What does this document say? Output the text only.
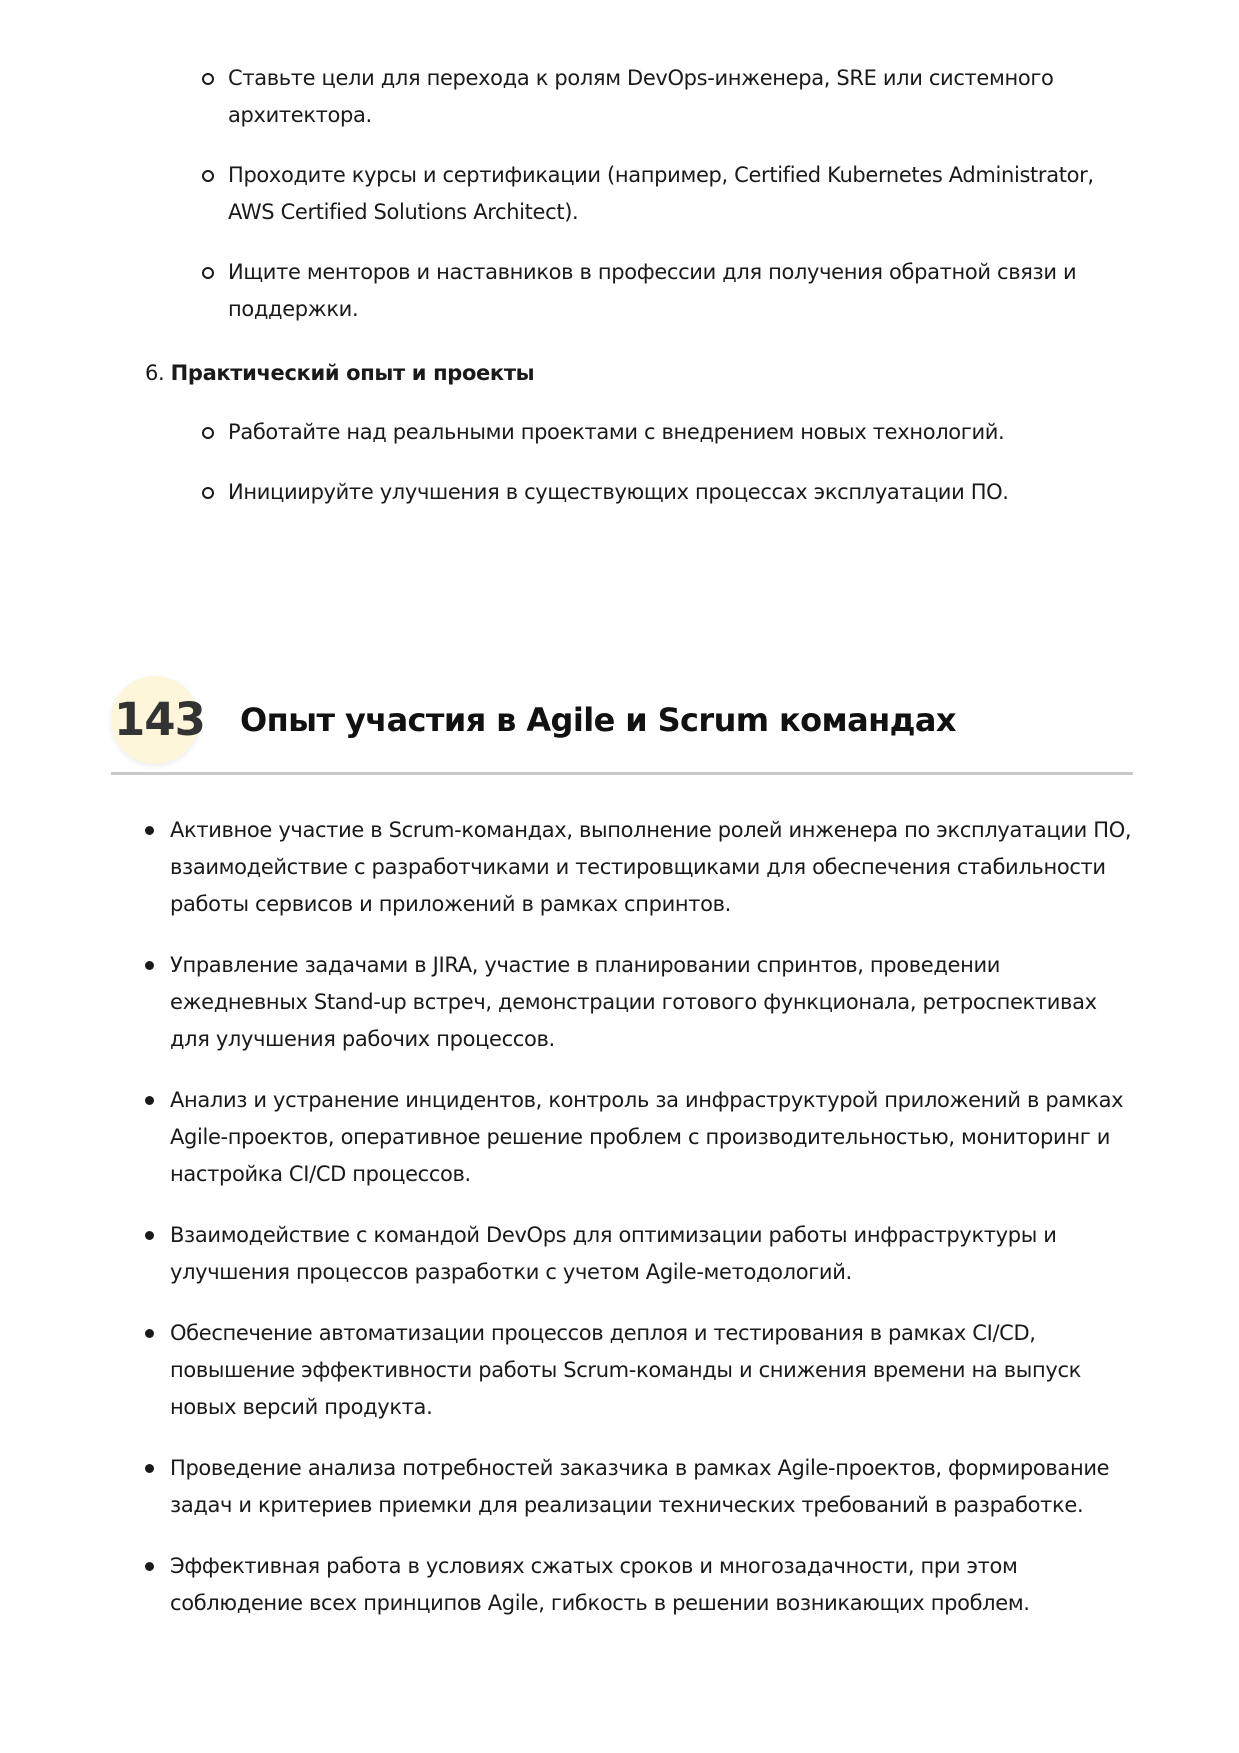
Ставьте цели для перехода к ролям DevOps-инженера, SRE или системного архитектора.
Проходите курсы и сертификации (например, Certified Kubernetes Administrator, AWS Certified Solutions Architect).
Ищите менторов и наставников в профессии для получения обратной связи и поддержки.
6. Практический опыт и проекты
Работайте над реальными проектами с внедрением новых технологий.
Инициируйте улучшения в существующих процессах эксплуатации ПО.
143 Опыт участия в Agile и Scrum командах
Активное участие в Scrum-командах, выполнение ролей инженера по эксплуатации ПО, взаимодействие с разработчиками и тестировщиками для обеспечения стабильности работы сервисов и приложений в рамках спринтов.
Управление задачами в JIRA, участие в планировании спринтов, проведении ежедневных Stand-up встреч, демонстрации готового функционала, ретроспективах для улучшения рабочих процессов.
Анализ и устранение инцидентов, контроль за инфраструктурой приложений в рамках Agile-проектов, оперативное решение проблем с производительностью, мониторинг и настройка CI/CD процессов.
Взаимодействие с командой DevOps для оптимизации работы инфраструктуры и улучшения процессов разработки с учетом Agile-методологий.
Обеспечение автоматизации процессов деплоя и тестирования в рамках CI/CD, повышение эффективности работы Scrum-команды и снижения времени на выпуск новых версий продукта.
Проведение анализа потребностей заказчика в рамках Agile-проектов, формирование задач и критериев приемки для реализации технических требований в разработке.
Эффективная работа в условиях сжатых сроков и многозадачности, при этом соблюдение всех принципов Agile, гибкость в решении возникающих проблем.
